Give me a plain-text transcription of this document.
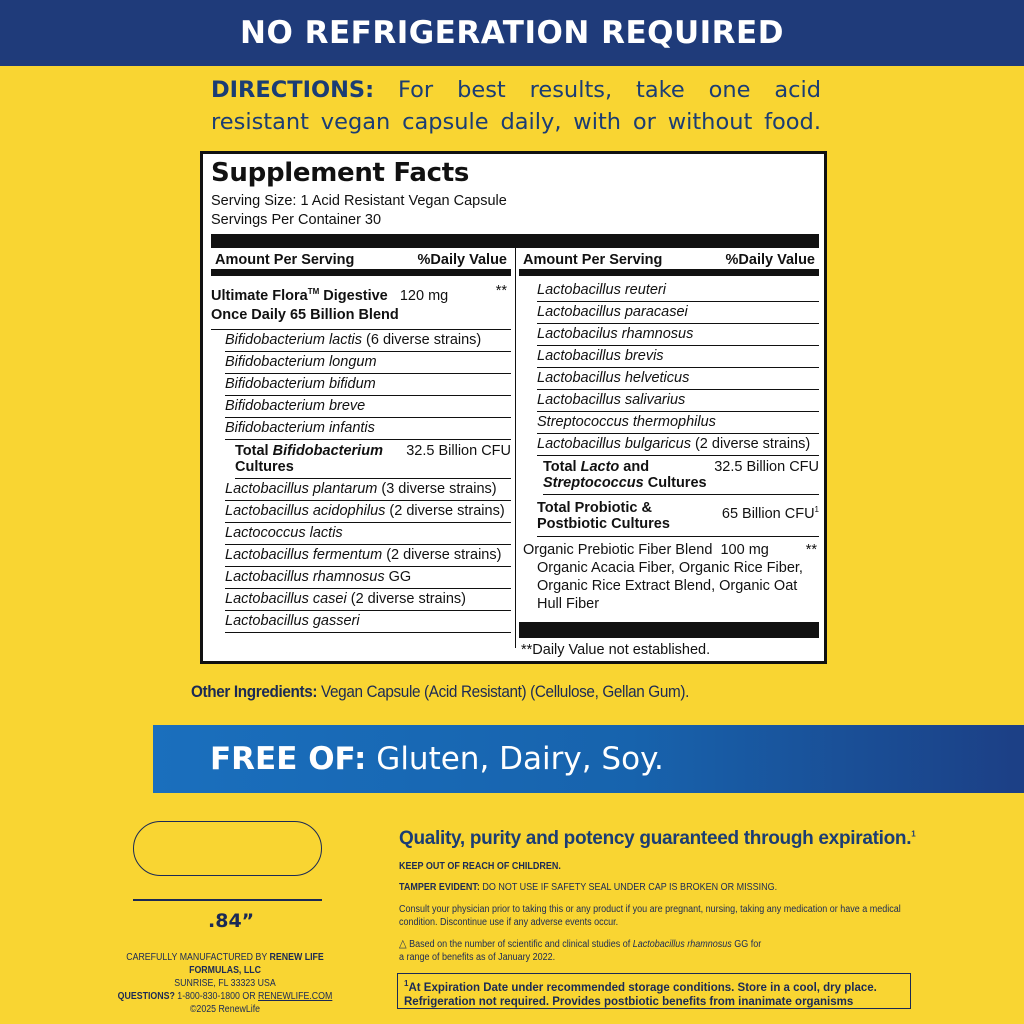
NO REFRIGERATION REQUIRED
DIRECTIONS: For best results, take one acid resistant vegan capsule daily, with or without food.
Supplement Facts
Serving Size: 1 Acid Resistant Vegan Capsule
Servings Per Container 30
Amount Per Serving	%Daily Value
Ultimate Flora™ Digestive 120 mg
Once Daily 65 Billion Blend
**
Bifidobacterium lactis (6 diverse strains)
Bifidobacterium longum
Bifidobacterium bifidum
Bifidobacterium breve
Bifidobacterium infantis
Total Bifidobacterium
Cultures
32.5 Billion CFU
Lactobacillus plantarum (3 diverse strains)
Lactobacillus acidophilus (2 diverse strains)
Lactococcus lactis
Lactobacillus fermentum (2 diverse strains)
Lactobacillus rhamnosus GG
Lactobacillus casei (2 diverse strains)
Lactobacillus gasseri
Amount Per Serving	%Daily Value
Lactobacillus reuteri
Lactobacillus paracasei
Lactobacilus rhamnosus
Lactobacillus brevis
Lactobacillus helveticus
Lactobacillus salivarius
Streptococcus thermophilus
Lactobacillus bulgaricus (2 diverse strains)
Total Lacto and
Streptococcus Cultures
32.5 Billion CFU
Total Probiotic &
Postbiotic Cultures
65 Billion CFU$^1$
Organic Prebiotic Fiber Blend 100 mg	**
Organic Acacia Fiber, Organic Rice Fiber, Organic Rice Extract Blend, Organic Oat Hull Fiber
**Daily Value not established.
Other Ingredients: Vegan Capsule (Acid Resistant) (Cellulose, Gellan Gum).
FREE OF: Gluten, Dairy, Soy.
.84”
CAREFULLY MANUFACTURED BY RENEW LIFE FORMULAS, LLC
SUNRISE, FL 33323 USA
QUESTIONS? 1-800-830-1800 OR RENEWLIFE.COM
©2025 RenewLife
Quality, purity and potency guaranteed through expiration.$^1$
KEEP OUT OF REACH OF CHILDREN.
TAMPER EVIDENT: DO NOT USE IF SAFETY SEAL UNDER CAP IS BROKEN OR MISSING.
Consult your physician prior to taking this or any product if you are pregnant, nursing, taking any medication or have a medical condition. Discontinue use if any adverse events occur.
△ Based on the number of scientific and clinical studies of Lactobacillus rhamnosus GG for
a range of benefits as of January 2022.
$^1$At Expiration Date under recommended storage conditions. Store in a cool, dry place. Refrigeration not required. Provides postbiotic benefits from inanimate organisms
